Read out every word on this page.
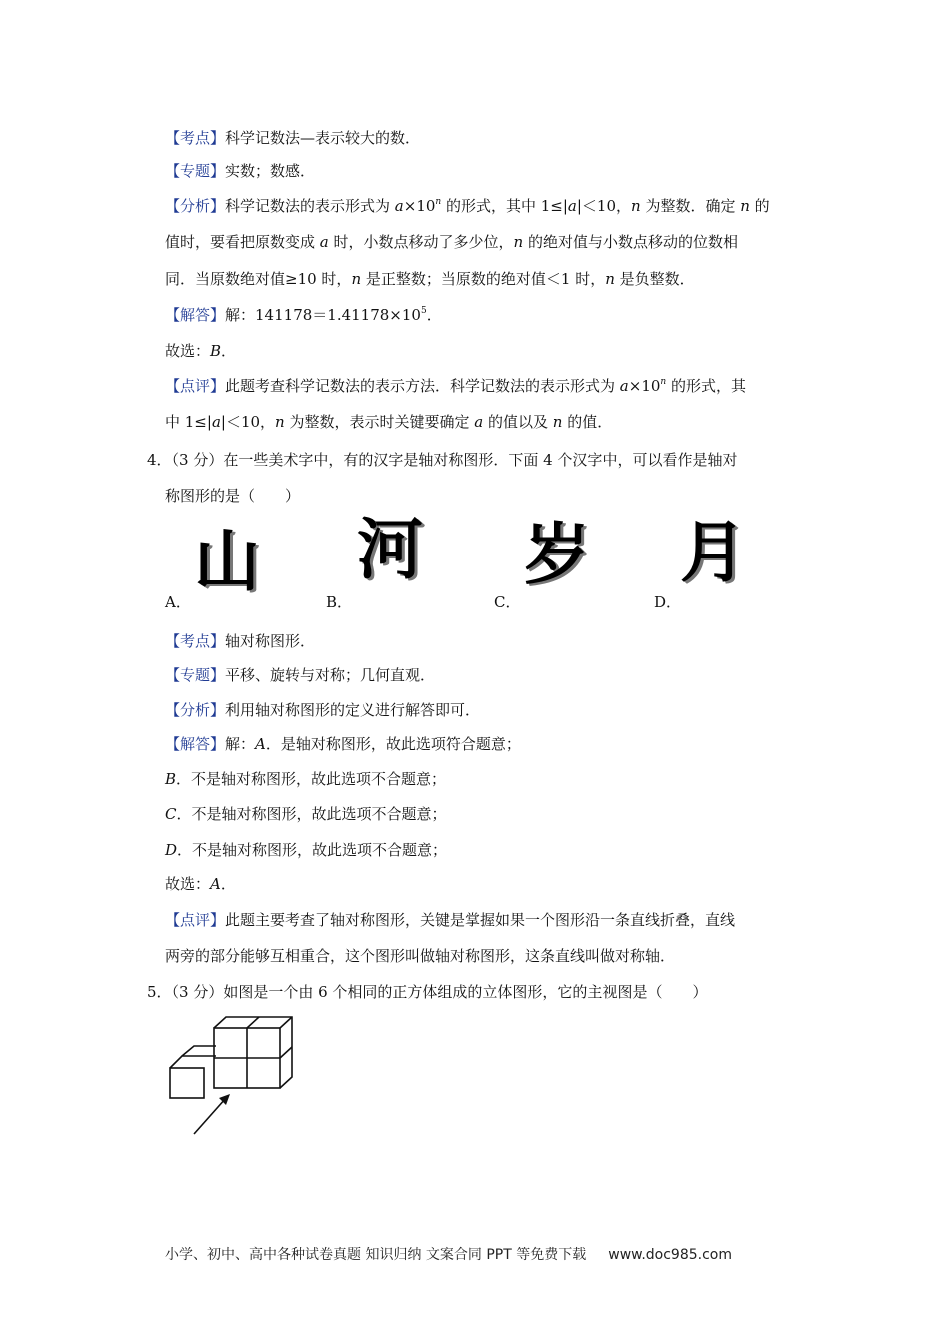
【考点】科学记数法—表示较大的数．
【专题】实数；数感．
【分析】科学记数法的表示形式为 $a\times 10^n$ 的形式，其中 1≤|a|＜10，n 为整数．确定 n 的
值时，要看把原数变成 a 时，小数点移动了多少位，n 的绝对值与小数点移动的位数相
同．当原数绝对值≥10 时，n 是正整数；当原数的绝对值＜1 时，n 是负整数．
【解答】解：$141178=1.41178\times 10^5$．
故选：B．
【点评】此题考查科学记数法的表示方法．科学记数法的表示形式为 $a\times 10^n$ 的形式，其
中 1≤|a|＜10，n 为整数，表示时关键要确定 a 的值以及 n 的值．
4．（3 分）在一些美术字中，有的汉字是轴对称图形．下面 4 个汉字中，可以看作是轴对
称图形的是（　　）
A．
山
B．
河
C．
岁
D．
月
【考点】轴对称图形．
【专题】平移、旋转与对称；几何直观．
【分析】利用轴对称图形的定义进行解答即可．
【解答】解：A．是轴对称图形，故此选项符合题意；
B．不是轴对称图形，故此选项不合题意；
C．不是轴对称图形，故此选项不合题意；
D．不是轴对称图形，故此选项不合题意；
故选：A．
【点评】此题主要考查了轴对称图形，关键是掌握如果一个图形沿一条直线折叠，直线
两旁的部分能够互相重合，这个图形叫做轴对称图形，这条直线叫做对称轴．
5．（3 分）如图是一个由 6 个相同的正方体组成的立体图形，它的主视图是（　　）
小学、初中、高中各种试卷真题 知识归纳 文案合同 PPT 等免费下载 www.doc985.com
